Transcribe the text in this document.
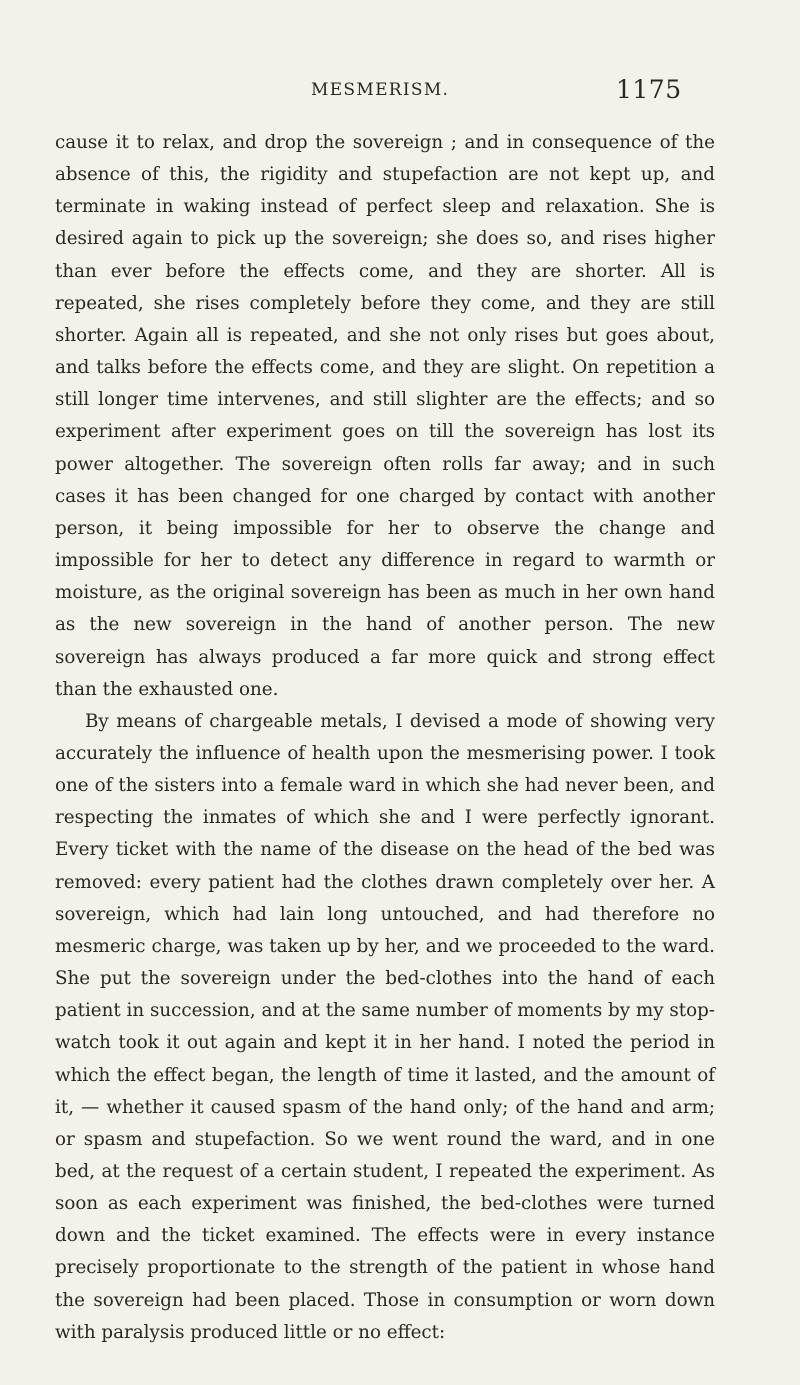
MESMERISM.	1175

cause it to relax, and drop the sovereign ; and in consequence of the absence of this, the rigidity and stupefaction are not kept up, and terminate in waking instead of perfect sleep and relaxation. She is desired again to pick up the sovereign; she does so, and rises higher than ever before the effects come, and they are shorter. All is repeated, she rises completely before they come, and they are still shorter. Again all is repeated, and she not only rises but goes about, and talks before the effects come, and they are slight. On repetition a still longer time intervenes, and still slighter are the effects; and so experiment after experiment goes on till the sovereign has lost its power altogether. The sovereign often rolls far away; and in such cases it has been changed for one charged by contact with another person, it being impossible for her to observe the change and impossible for her to detect any difference in regard to warmth or moisture, as the original sovereign has been as much in her own hand as the new sovereign in the hand of another person. The new sovereign has always produced a far more quick and strong effect than the exhausted one.

By means of chargeable metals, I devised a mode of showing very accurately the influence of health upon the mesmerising power. I took one of the sisters into a female ward in which she had never been, and respecting the inmates of which she and I were perfectly ignorant. Every ticket with the name of the disease on the head of the bed was removed: every patient had the clothes drawn completely over her. A sovereign, which had lain long untouched, and had therefore no mesmeric charge, was taken up by her, and we proceeded to the ward. She put the sovereign under the bed-clothes into the hand of each patient in succession, and at the same number of moments by my stop-watch took it out again and kept it in her hand. I noted the period in which the effect began, the length of time it lasted, and the amount of it, — whether it caused spasm of the hand only; of the hand and arm; or spasm and stupefaction. So we went round the ward, and in one bed, at the request of a certain student, I repeated the experiment. As soon as each experiment was finished, the bed-clothes were turned down and the ticket examined. The effects were in every instance precisely proportionate to the strength of the patient in whose hand the sovereign had been placed. Those in consumption or worn down with paralysis produced little or no effect:
